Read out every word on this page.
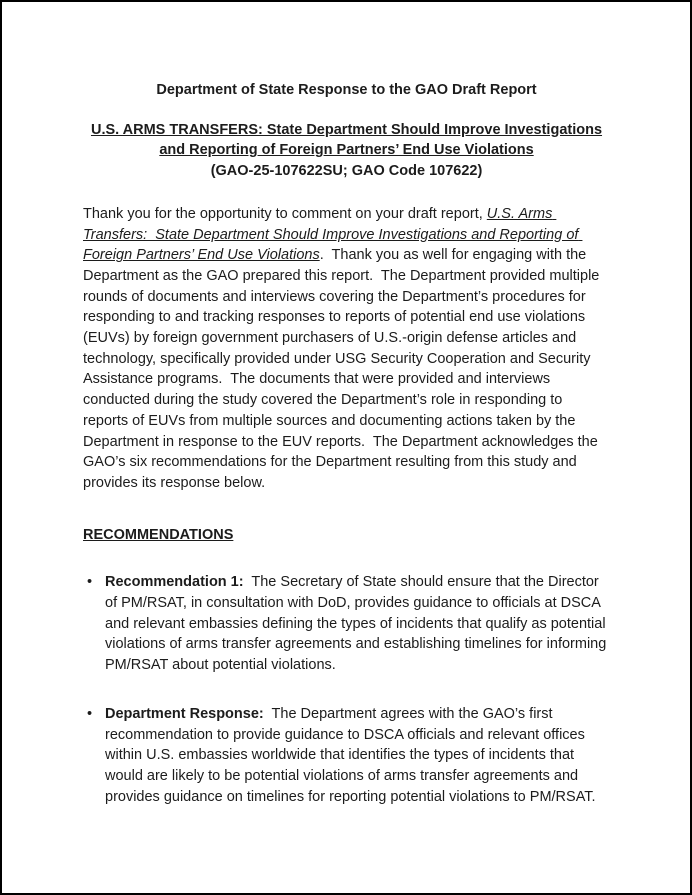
Department of State Response to the GAO Draft Report
U.S. ARMS TRANSFERS: State Department Should Improve Investigations
and Reporting of Foreign Partners’ End Use Violations
(GAO-25-107622SU; GAO Code 107622)

Thank you for the opportunity to comment on your draft report, U.S. Arms Transfers:  State Department Should Improve Investigations and Reporting of Foreign Partners’ End Use Violations.  Thank you as well for engaging with the Department as the GAO prepared this report.  The Department provided multiple rounds of documents and interviews covering the Department’s procedures for responding to and tracking responses to reports of potential end use violations (EUVs) by foreign government purchasers of U.S.-origin defense articles and technology, specifically provided under USG Security Cooperation and Security Assistance programs.  The documents that were provided and interviews conducted during the study covered the Department’s role in responding to reports of EUVs from multiple sources and documenting actions taken by the Department in response to the EUV reports.  The Department acknowledges the GAO’s six recommendations for the Department resulting from this study and provides its response below.

RECOMMENDATIONS
• Recommendation 1:  The Secretary of State should ensure that the Director of PM/RSAT, in consultation with DoD, provides guidance to officials at DSCA and relevant embassies defining the types of incidents that qualify as potential violations of arms transfer agreements and establishing timelines for informing PM/RSAT about potential violations.
• Department Response:  The Department agrees with the GAO’s first recommendation to provide guidance to DSCA officials and relevant offices within U.S. embassies worldwide that identifies the types of incidents that would are likely to be potential violations of arms transfer agreements and provides guidance on timelines for reporting potential violations to PM/RSAT.
